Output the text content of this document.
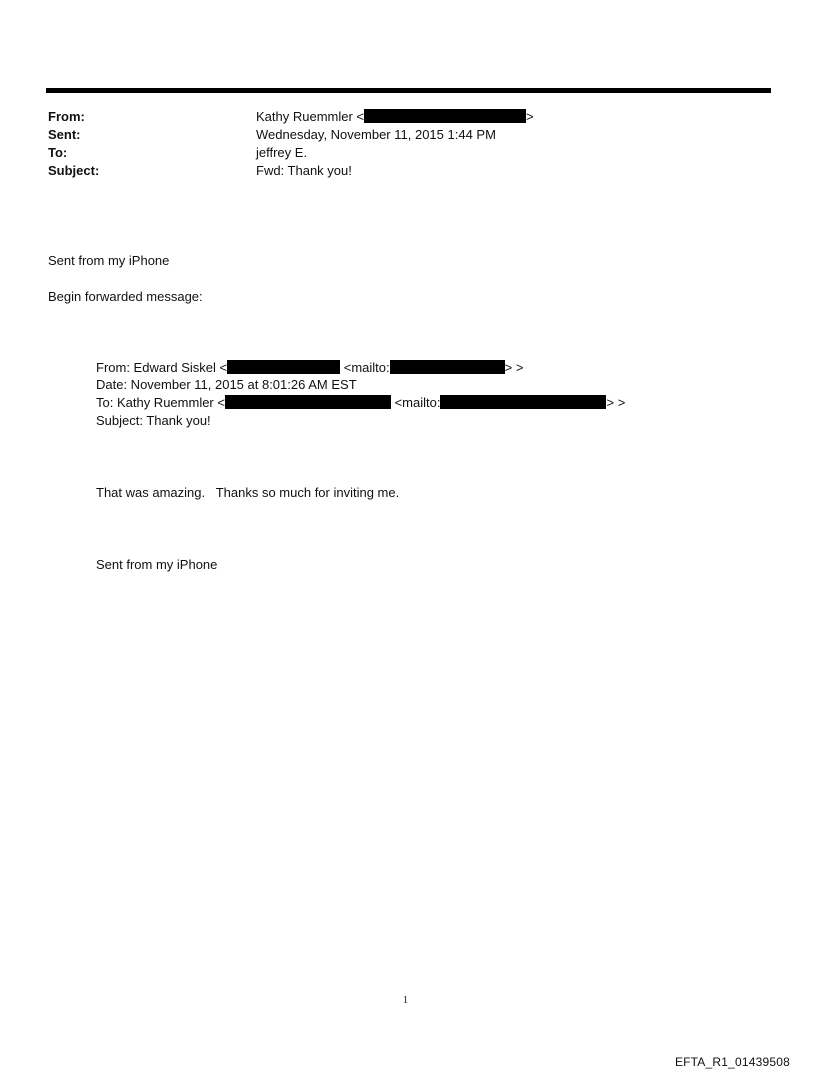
From:	Kathy Ruemmler <	>
Sent:	Wednesday, November 11, 2015 1:44 PM
To:	jeffrey E.
Subject:	Fwd: Thank you!
Sent from my iPhone
Begin forwarded message:
From: Edward Siskel <	<mailto:	> >
Date: November 11, 2015 at 8:01:26 AM EST
To: Kathy Ruemmler <	<mailto:	> >
Subject: Thank you!
That was amazing.   Thanks so much for inviting me.
Sent from my iPhone
1
EFTA_R1_01439508
